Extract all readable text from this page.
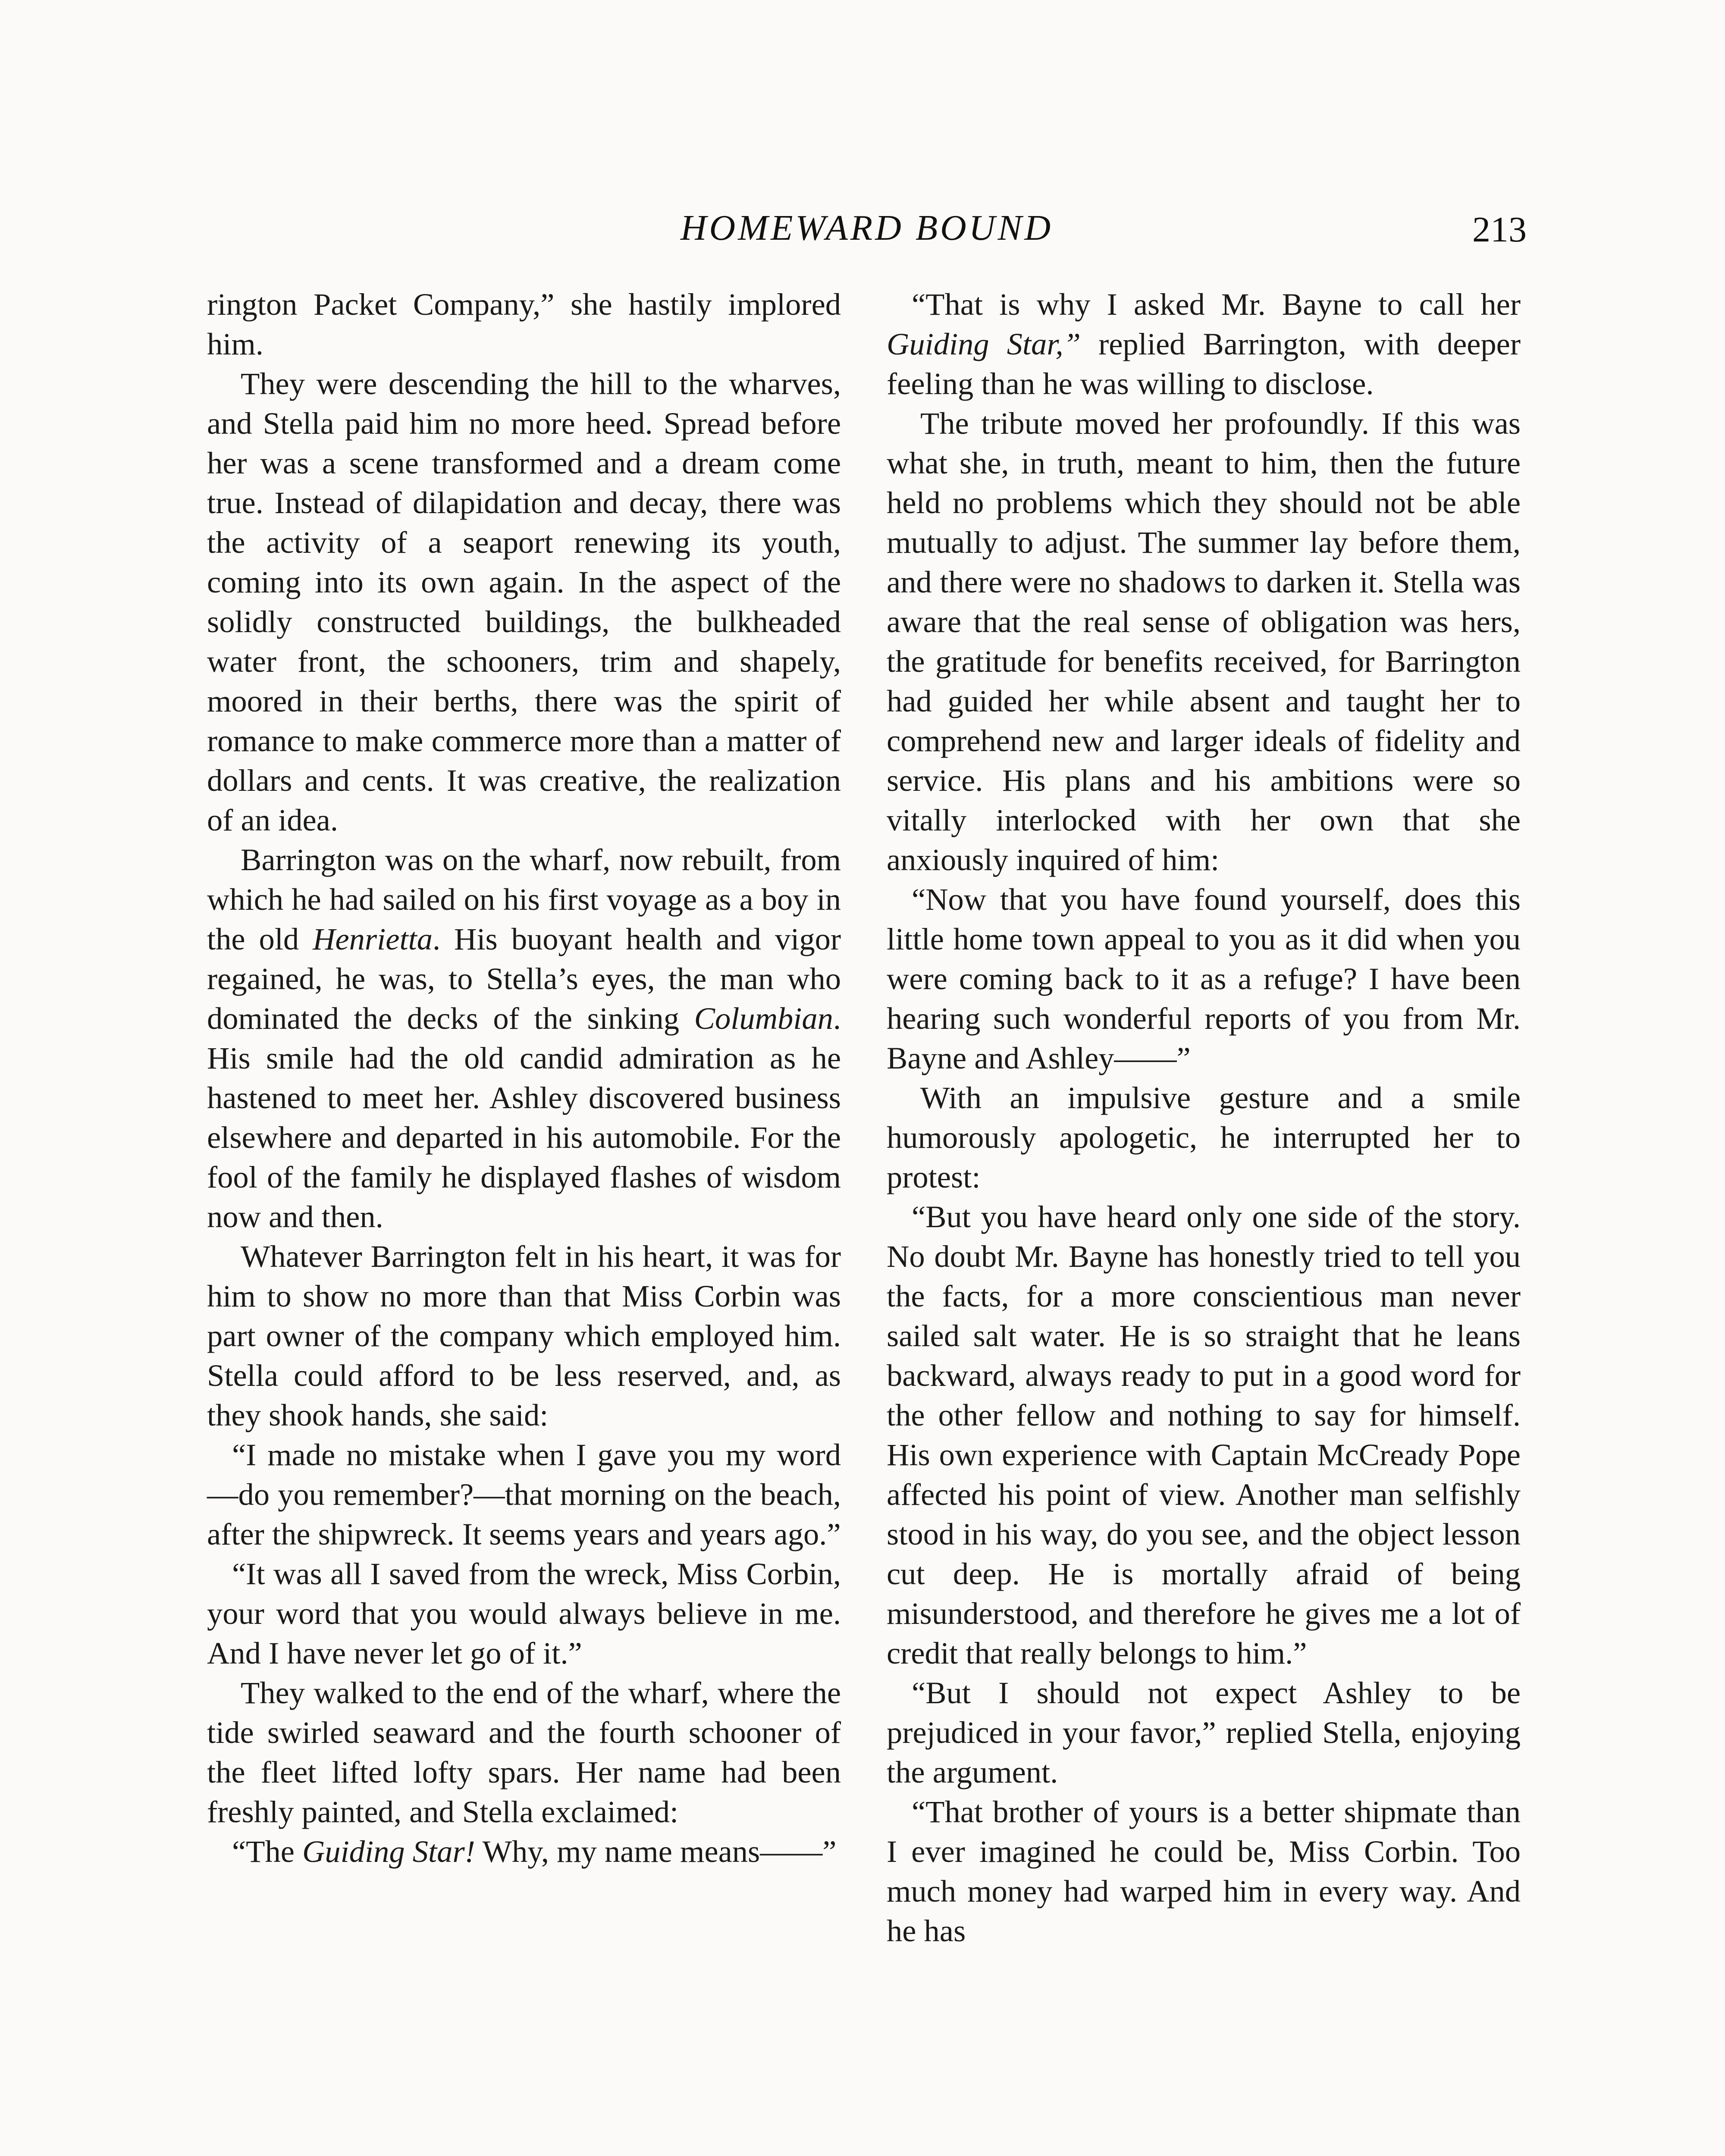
HOMEWARD BOUND	213

rington Packet Company,” she hastily implored him.

They were descending the hill to the wharves, and Stella paid him no more heed. Spread before her was a scene transformed and a dream come true. Instead of dilapidation and decay, there was the activity of a seaport renewing its youth, coming into its own again. In the aspect of the solidly constructed buildings, the bulkheaded water front, the schooners, trim and shapely, moored in their berths, there was the spirit of romance to make commerce more than a matter of dollars and cents. It was creative, the realization of an idea.

Barrington was on the wharf, now rebuilt, from which he had sailed on his first voyage as a boy in the old Henrietta. His buoyant health and vigor regained, he was, to Stella’s eyes, the man who dominated the decks of the sinking Columbian. His smile had the old candid admiration as he hastened to meet her. Ashley discovered business elsewhere and departed in his automobile. For the fool of the family he displayed flashes of wisdom now and then.

Whatever Barrington felt in his heart, it was for him to show no more than that Miss Corbin was part owner of the company which employed him. Stella could afford to be less reserved, and, as they shook hands, she said:

“I made no mistake when I gave you my word—do you remember?—that morning on the beach, after the shipwreck. It seems years and years ago.”

“It was all I saved from the wreck, Miss Corbin, your word that you would always believe in me. And I have never let go of it.”

They walked to the end of the wharf, where the tide swirled seaward and the fourth schooner of the fleet lifted lofty spars. Her name had been freshly painted, and Stella exclaimed:

“The Guiding Star! Why, my name means——”

“That is why I asked Mr. Bayne to call her Guiding Star,” replied Barrington, with deeper feeling than he was willing to disclose.

The tribute moved her profoundly. If this was what she, in truth, meant to him, then the future held no problems which they should not be able mutually to adjust. The summer lay before them, and there were no shadows to darken it. Stella was aware that the real sense of obligation was hers, the gratitude for benefits received, for Barrington had guided her while absent and taught her to comprehend new and larger ideals of fidelity and service. His plans and his ambitions were so vitally interlocked with her own that she anxiously inquired of him:

“Now that you have found yourself, does this little home town appeal to you as it did when you were coming back to it as a refuge? I have been hearing such wonderful reports of you from Mr. Bayne and Ashley——”

With an impulsive gesture and a smile humorously apologetic, he interrupted her to protest:

“But you have heard only one side of the story. No doubt Mr. Bayne has honestly tried to tell you the facts, for a more conscientious man never sailed salt water. He is so straight that he leans backward, always ready to put in a good word for the other fellow and nothing to say for himself. His own experience with Captain McCready Pope affected his point of view. Another man selfishly stood in his way, do you see, and the object lesson cut deep. He is mortally afraid of being misunderstood, and therefore he gives me a lot of credit that really belongs to him.”

“But I should not expect Ashley to be prejudiced in your favor,” replied Stella, enjoying the argument.

“That brother of yours is a better shipmate than I ever imagined he could be, Miss Corbin. Too much money had warped him in every way. And he has
